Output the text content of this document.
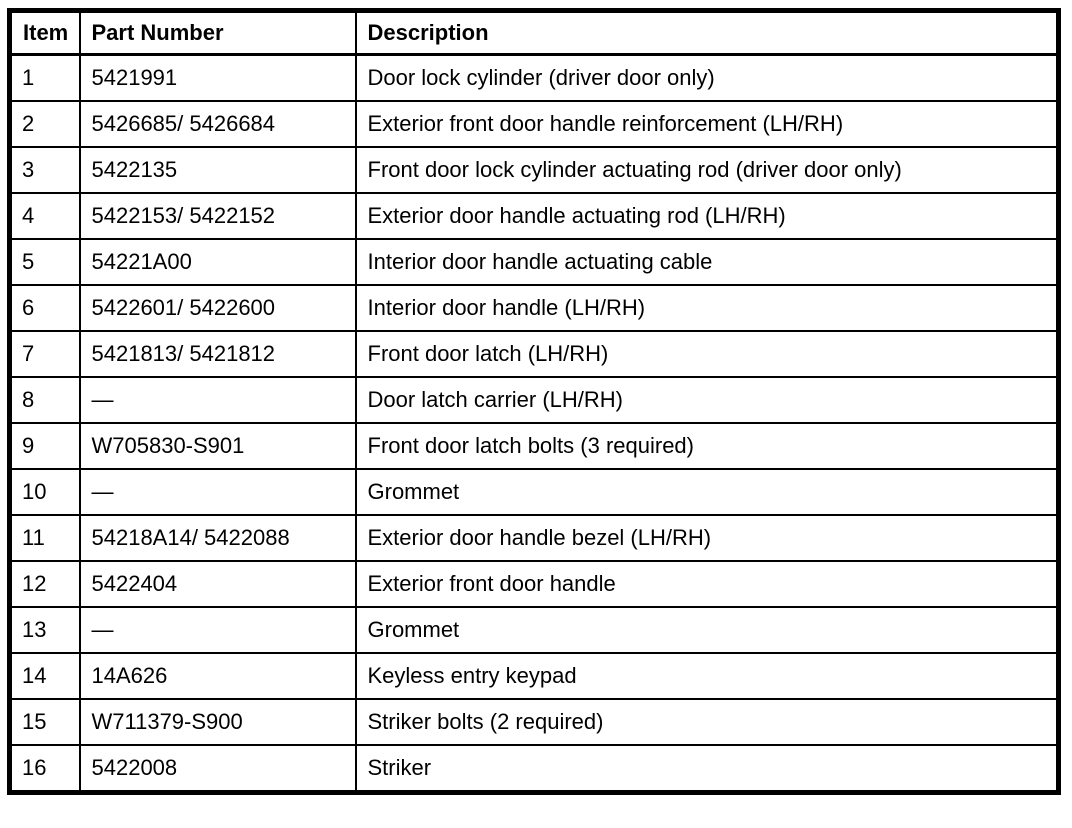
Item	Part Number	Description
1	5421991	Door lock cylinder (driver door only)
2	5426685/ 5426684	Exterior front door handle reinforcement (LH/RH)
3	5422135	Front door lock cylinder actuating rod (driver door only)
4	5422153/ 5422152	Exterior door handle actuating rod (LH/RH)
5	54221A00	Interior door handle actuating cable
6	5422601/ 5422600	Interior door handle (LH/RH)
7	5421813/ 5421812	Front door latch (LH/RH)
8	—	Door latch carrier (LH/RH)
9	W705830-S901	Front door latch bolts (3 required)
10	—	Grommet
11	54218A14/ 5422088	Exterior door handle bezel (LH/RH)
12	5422404	Exterior front door handle
13	—	Grommet
14	14A626	Keyless entry keypad
15	W711379-S900	Striker bolts (2 required)
16	5422008	Striker
